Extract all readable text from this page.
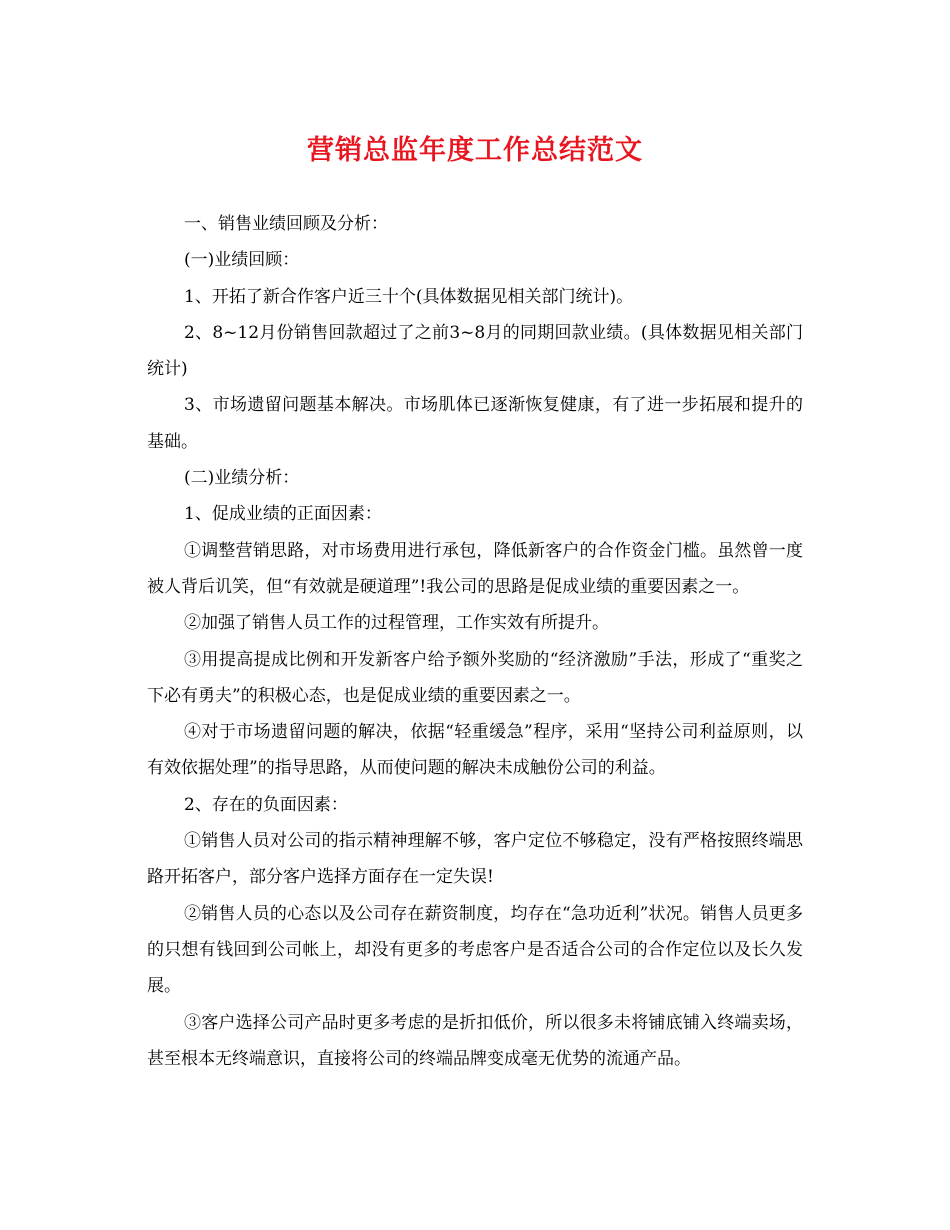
营销总监年度工作总结范文

一、销售业绩回顾及分析：

(一)业绩回顾：

1、开拓了新合作客户近三十个(具体数据见相关部门统计)。

2、8~12月份销售回款超过了之前3~8月的同期回款业绩。(具体数据见相关部门统计)

3、市场遗留问题基本解决。市场肌体已逐渐恢复健康，有了进一步拓展和提升的基础。

(二)业绩分析：

1、促成业绩的正面因素：

①调整营销思路，对市场费用进行承包，降低新客户的合作资金门槛。虽然曾一度被人背后讥笑，但“有效就是硬道理”!我公司的思路是促成业绩的重要因素之一。

②加强了销售人员工作的过程管理，工作实效有所提升。

③用提高提成比例和开发新客户给予额外奖励的“经济激励”手法，形成了“重奖之下必有勇夫”的积极心态，也是促成业绩的重要因素之一。

④对于市场遗留问题的解决，依据“轻重缓急”程序，采用“坚持公司利益原则，以有效依据处理”的指导思路，从而使问题的解决未成触份公司的利益。

2、存在的负面因素：

①销售人员对公司的指示精神理解不够，客户定位不够稳定，没有严格按照终端思路开拓客户，部分客户选择方面存在一定失误!

②销售人员的心态以及公司存在薪资制度，均存在“急功近利”状况。销售人员更多的只想有钱回到公司帐上，却没有更多的考虑客户是否适合公司的合作定位以及长久发展。

③客户选择公司产品时更多考虑的是折扣低价，所以很多未将铺底铺入终端卖场，甚至根本无终端意识，直接将公司的终端品牌变成毫无优势的流通产品。
